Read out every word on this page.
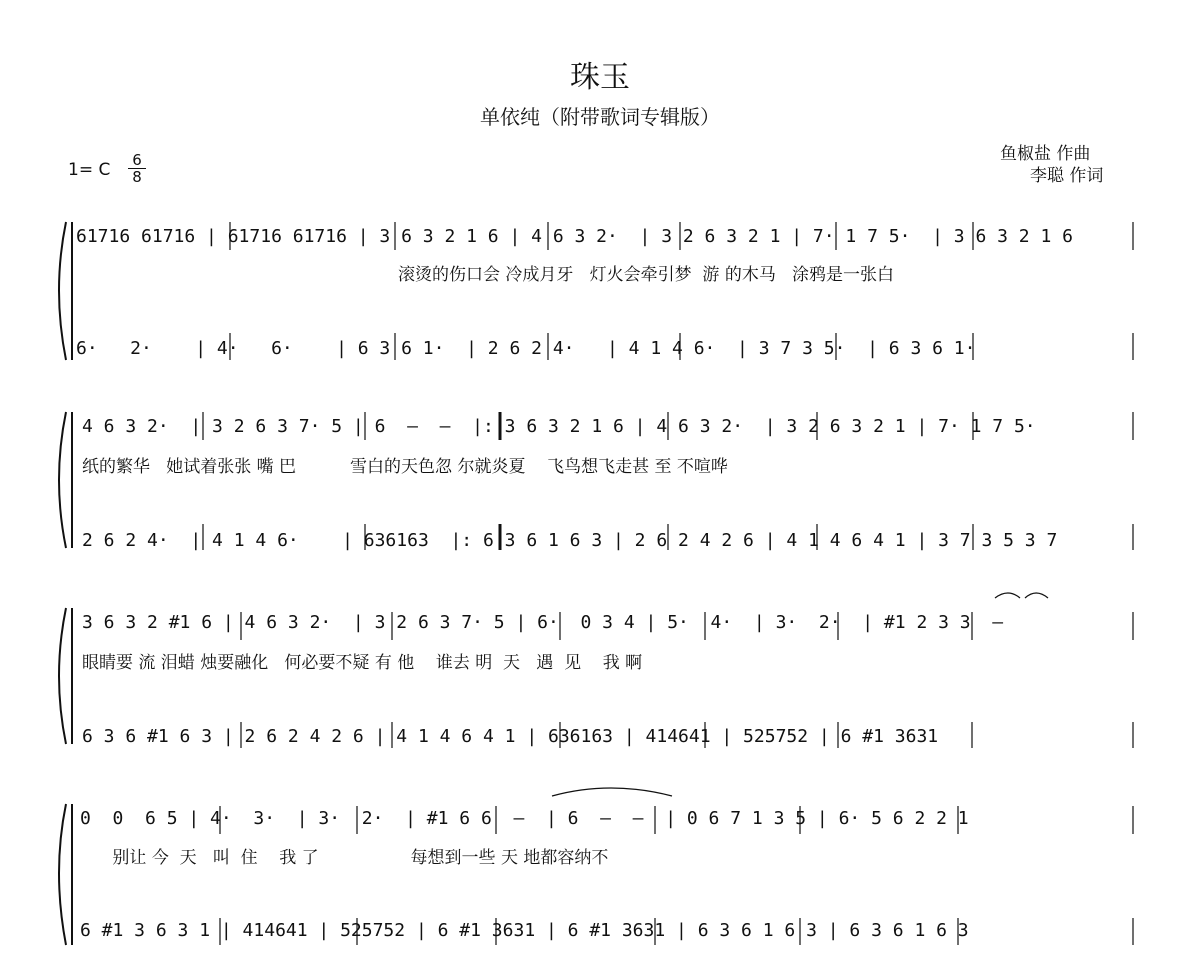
珠玉
单依纯（附带歌词专辑版）
鱼椒盐 作曲
李聪 作词
1= C 6
8
61716 61716 | 61716 61716 | 3 6 3 2 1 6 | 4 6 3 2·  | 3 2 6 3 2 1 | 7· 1 7 5·  | 3 6 3 2 1 6
滚烫的伤口会 冷成月牙   灯火会牵引梦  游 的木马   涂鸦是一张白
6·   2·    | 4·   6·    | 6 3 6 1·  | 2 6 2 4·   | 4 1 4 6·  | 3 7 3 5·  | 6 3 6 1·
4 6 3 2·  | 3 2 6 3 7· 5 | 6  —  —  |: 3 6 3 2 1 6 | 4 6 3 2·  | 3 2 6 3 2 1 | 7· 1 7 5·
纸的繁华   她试着张张 嘴 巴          雪白的天色忽 尔就炎夏    飞鸟想飞走甚 至 不喧哗
2 6 2 4·  | 4 1 4 6·    | 636163  |: 6 3 6 1 6 3 | 2 6 2 4 2 6 | 4 1 4 6 4 1 | 3 7 3 5 3 7
3 6 3 2 #1 6 | 4 6 3 2·  | 3 2 6 3 7· 5 | 6·  0 3 4 | 5·  4·  | 3·  2·  | #1 2 3 3  —
眼睛要 流 泪蜡 烛要融化   何必要不疑 有 他    谁去 明  天   遇  见    我 啊
6 3 6 #1 6 3 | 2 6 2 4 2 6 | 4 1 4 6 4 1 | 636163 | 414641 | 525752 | 6 #1 3631
0  0  6 5 | 4·  3·  | 3·  2·  | #1 6 6  —  | 6  —  —  | 0 6 7 1 3 5 | 6· 5 6 2 2 1
别让 今  天   叫  住    我 了                 每想到一些 天 地都容纳不
6 #1 3 6 3 1 | 414641 | 525752 | 6 #1 3631 | 6 #1 3631 | 6 3 6 1 6 3 | 6 3 6 1 6 3
